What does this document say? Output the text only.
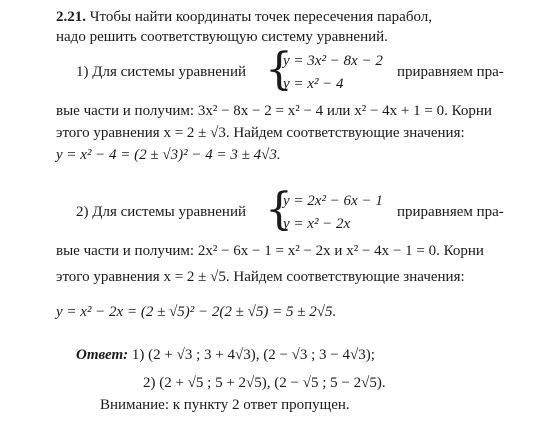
2.21. Чтобы найти координаты точек пересечения парабол,
надо решить соответствующую систему уравнений.
1) Для системы уравнений {
y = 3x² − 8x − 2
y = x² − 4
приравняем пра-
вые части и получим: 3x² − 8x − 2 = x² − 4 или x² − 4x + 1 = 0. Корни
этого уравнения x = 2 ± √3. Найдем соответствующие значения:
y = x² − 4 = (2 ± √3)² − 4 = 3 ± 4√3.
2) Для системы уравнений {
y = 2x² − 6x − 1
y = x² − 2x
приравняем пра-
вые части и получим: 2x² − 6x − 1 = x² − 2x и x² − 4x − 1 = 0. Корни
этого уравнения x = 2 ± √5. Найдем соответствующие значения:
y = x² − 2x = (2 ± √5)² − 2(2 ± √5) = 5 ± 2√5.
Ответ: 1) (2 + √3 ; 3 + 4√3), (2 − √3 ; 3 − 4√3);
2) (2 + √5 ; 5 + 2√5), (2 − √5 ; 5 − 2√5).
Внимание: к пункту 2 ответ пропущен.
